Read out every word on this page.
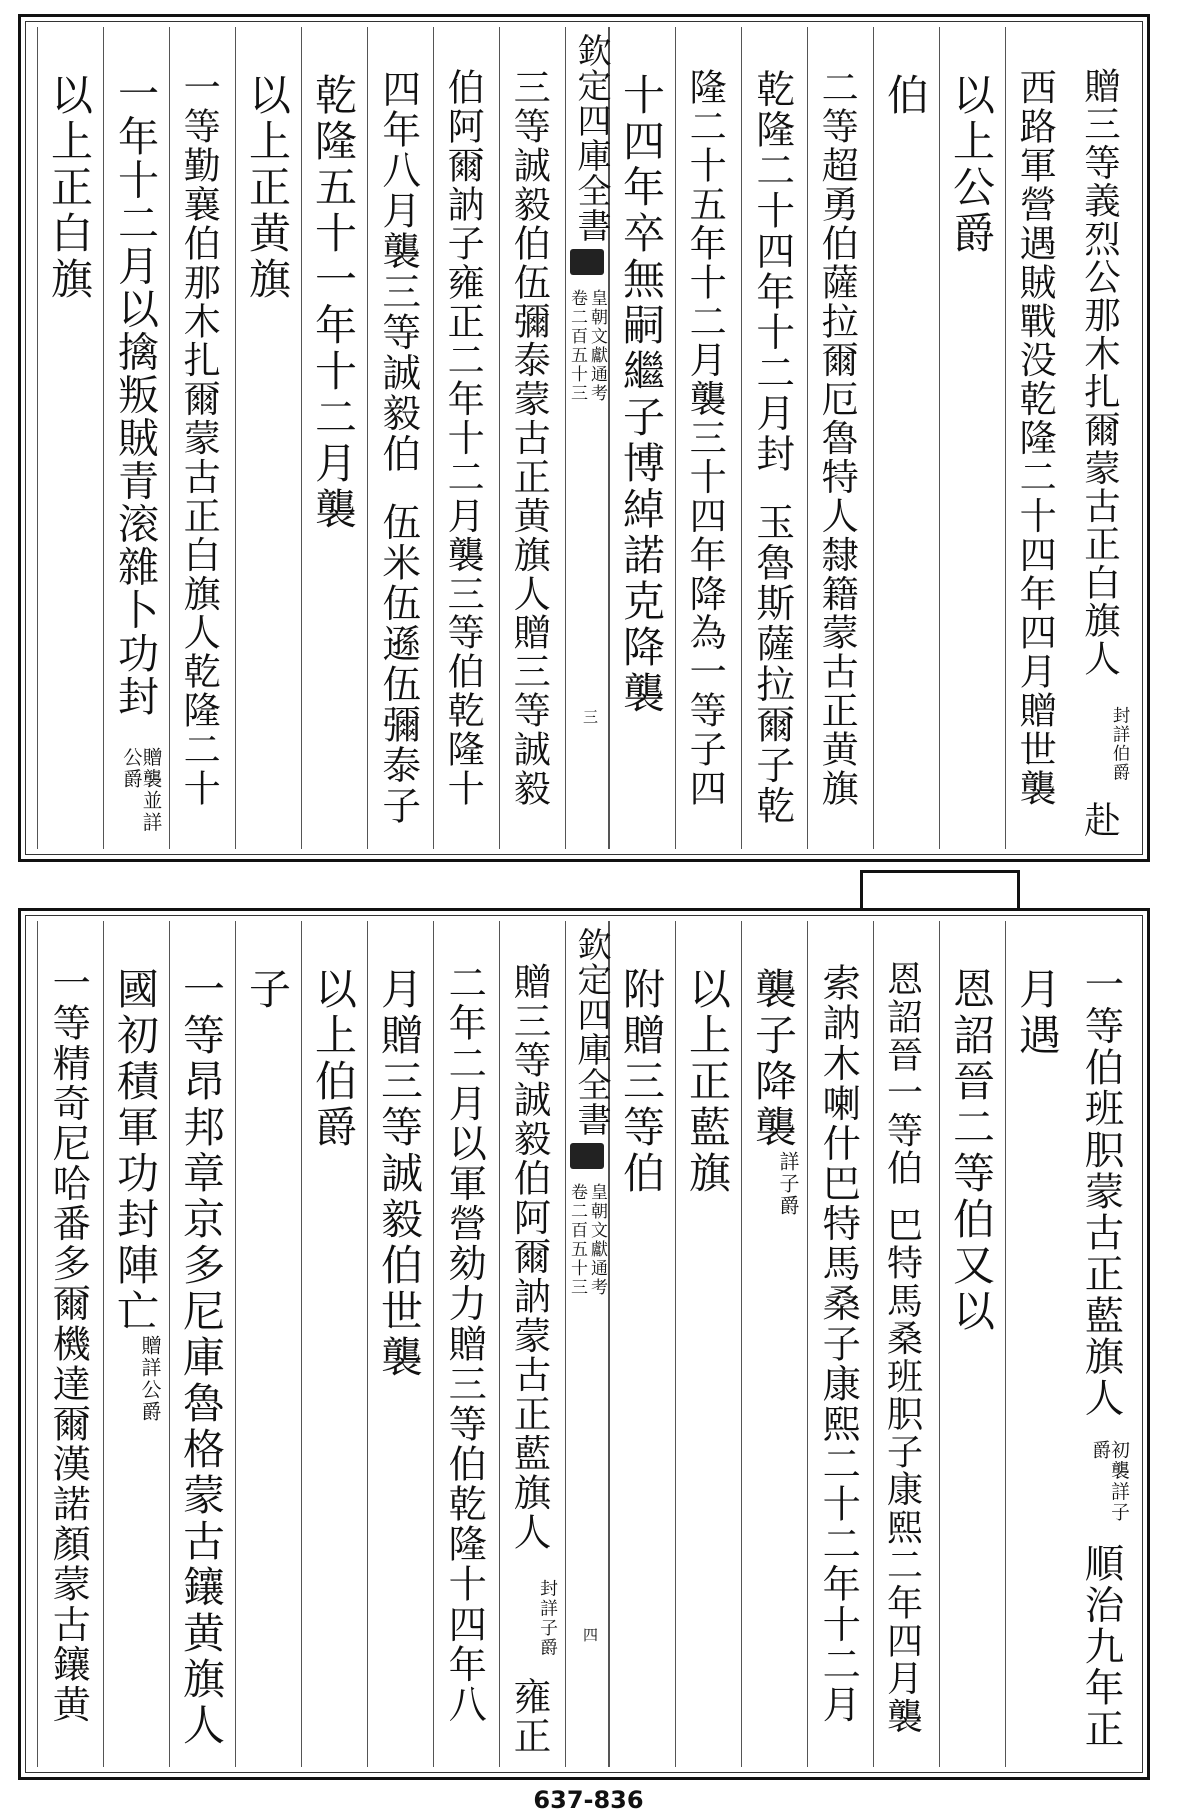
贈三等義烈公那木扎爾蒙古正白旗人
封詳伯爵
赴
西路軍營遇賊戰没乾隆二十四年四月贈世襲
以上公爵
伯
二等超勇伯薩拉爾厄魯特人隸籍蒙古正黄旗
乾隆二十四年十二月封
玉魯斯薩拉爾子乾
隆二十五年十二月襲三十四年降為一等子四
十四年卒無嗣繼子博綽諾克降襲
欽定四庫全書
皇朝文獻通考
卷二百五十三
三
三等誠毅伯伍彌泰蒙古正黄旗人贈三等誠毅
伯阿爾訥子雍正二年十二月襲三等伯乾隆十
四年八月襲三等誠毅伯
伍米伍遜伍彌泰子
乾隆五十一年十二月襲
以上正黄旗
一等勤襄伯那木扎爾蒙古正白旗人乾隆二十
一年十二月以擒叛賊青滚雜卜功封
贈襲並詳公爵
以上正白旗
一等伯班胑蒙古正藍旗人
初襲詳子爵
順治九年正
月遇
恩詔晉二等伯又以
恩詔晉一等伯
巴特馬桑班胑子康熙二年四月襲
索訥木喇什巴特馬桑子康熙二十二年十二月
襲子降襲
詳子爵
以上正藍旗
附贈三等伯
欽定四庫全書
皇朝文獻通考
卷二百五十三
四
贈三等誠毅伯阿爾訥蒙古正藍旗人
封詳子爵
雍正
二年二月以軍營劾力贈三等伯乾隆十四年八
月贈三等誠毅伯世襲
以上伯爵
子
一等昂邦章京多尼庫魯格蒙古鑲黄旗人
國初積軍功封陣亡
贈詳公爵
一等精奇尼哈番多爾機達爾漢諾顏蒙古鑲黄
637-836
